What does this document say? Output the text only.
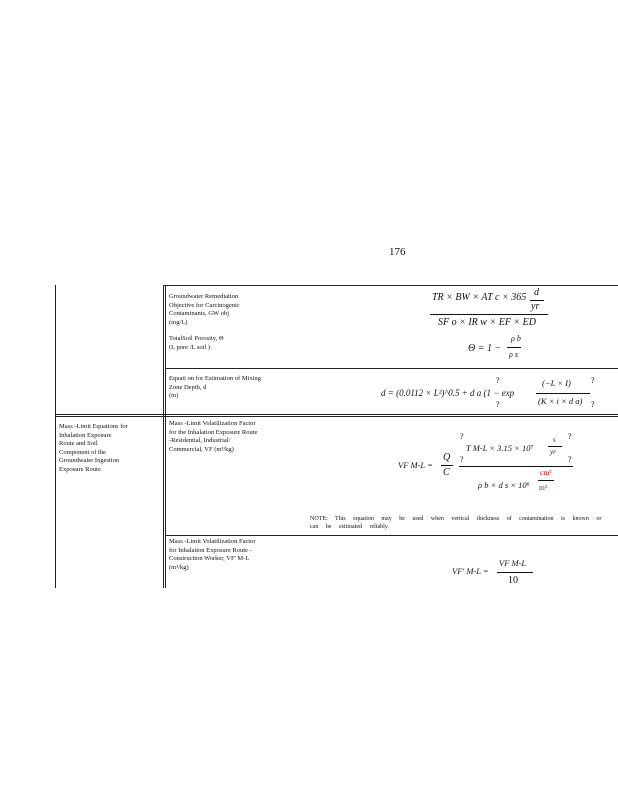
176
Mass -Limit Equations for
Inhalation Exposure
Route and Soil
Component of the
Groundwater Ingestion
Exposure Route
Groundwater Remediation
Objective for Carcinogenic
Contaminants, GW obj
(mg/L)
TotalSoil Porosity, Θ
(L pore /L soil )
TR × BW × AT c × 365 d
yr
SF o × IR w × EF × ED
Θ = 1 −
ρ b
ρ s
Equati on for Estimation of Mixing
Zone Depth, d
(m)	d = (0.0112 × L²)^0.5 + d a (1 − exp
(−L × I)
(K × i × d a)
?
?
?
?
Mass -Limit Volatilization Factor
for the Inhalation Exposure Route
-Residential, Industrial/
Commercial, VF (m³/kg)
VF M-L =
Q
C
T M-L × 3.15 × 10⁷
s
yr
ρ b × d s × 10⁶
cm³
m³
?
?
?
?
NOTE: This equation may be used when vertical thickness of contamination is known or can be estimated reliably.
Mass -Limit Volatilization Factor
for Inhalation Exposure Route -
Construction Worker, VF' M-L
(m³/kg)	VF' M-L =
VF M-L
10
